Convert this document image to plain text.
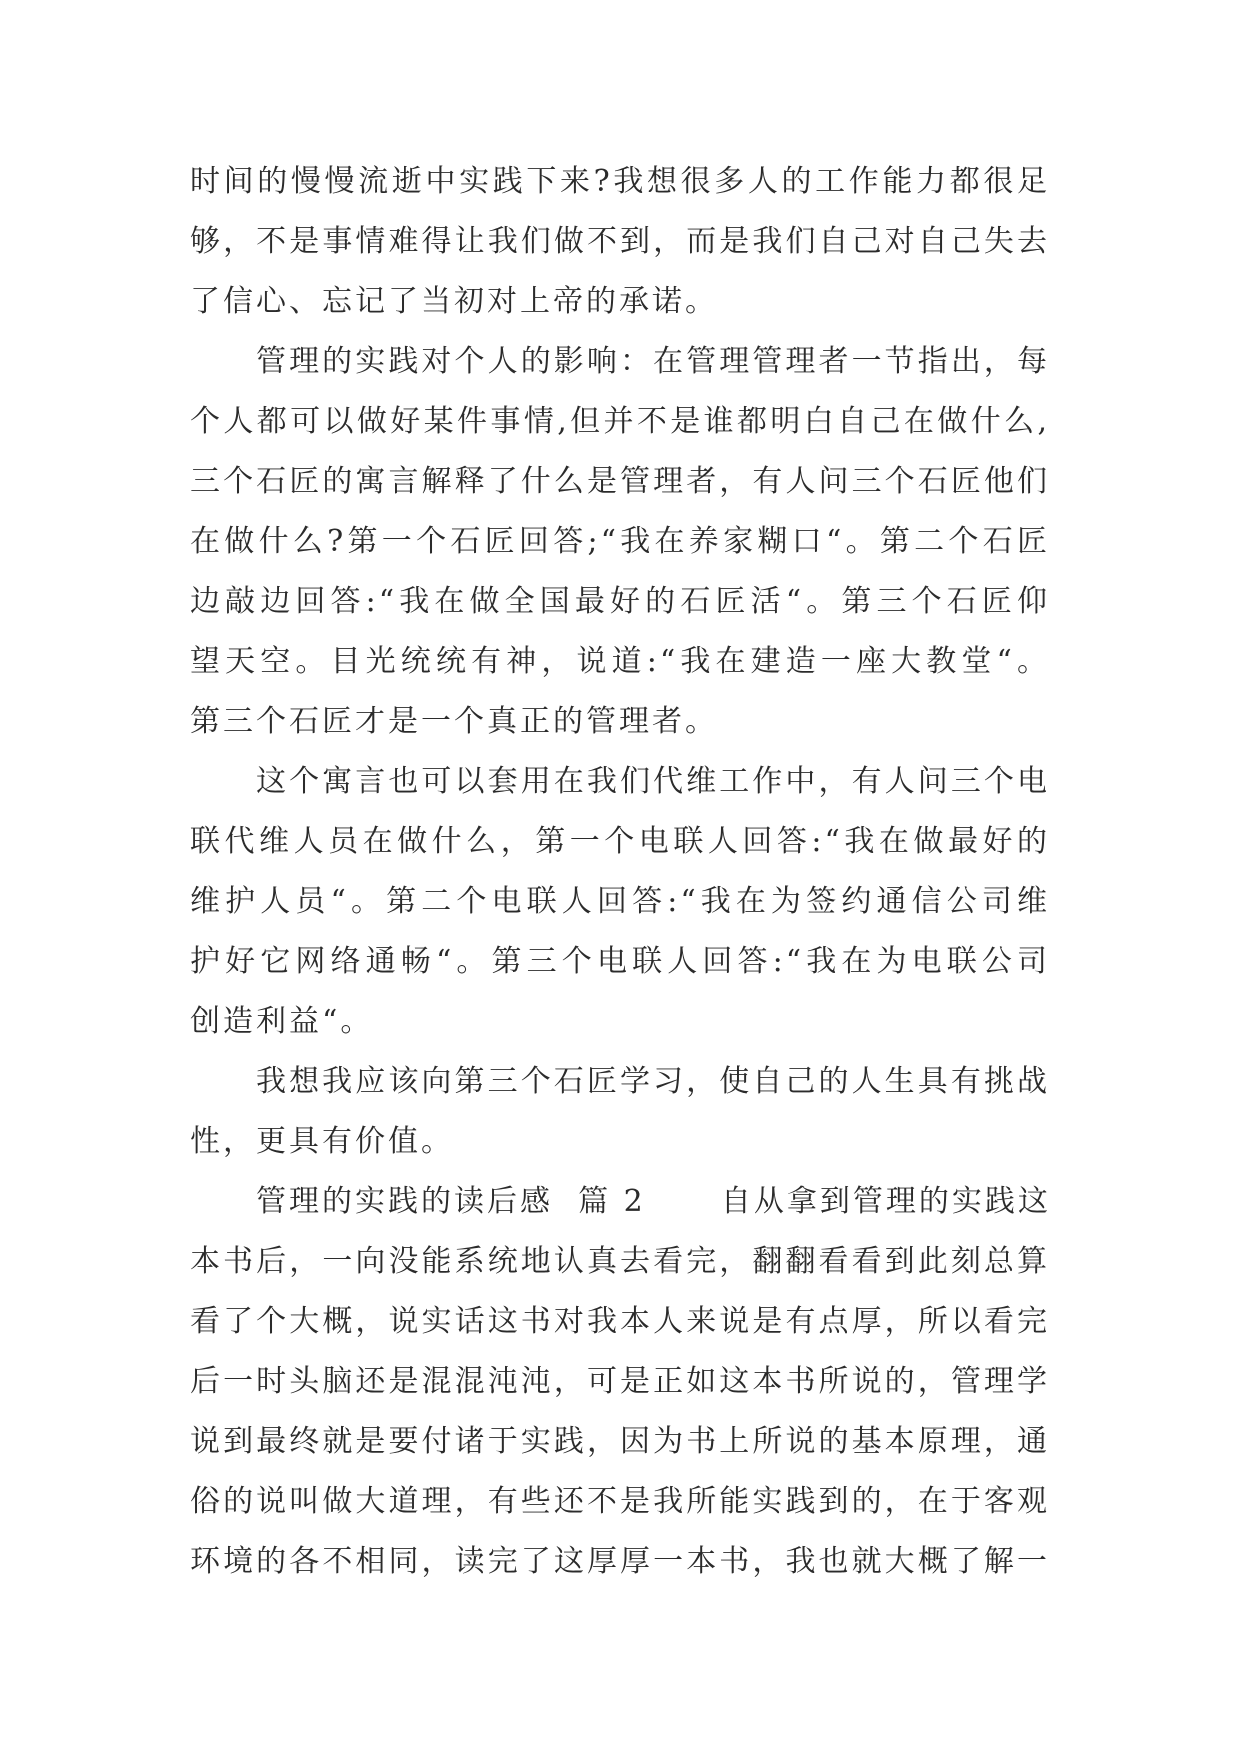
时间的慢慢流逝中实践下来?我想很多人的工作能力都很足
够，不是事情难得让我们做不到，而是我们自己对自己失去
了信心、忘记了当初对上帝的承诺。
管理的实践对个人的影响：在管理管理者一节指出，每
个人都可以做好某件事情,但并不是谁都明白自己在做什么,
三个石匠的寓言解释了什么是管理者，有人问三个石匠他们
在做什么?第一个石匠回答;“我在养家糊口“。第二个石匠
边敲边回答:“我在做全国最好的石匠活“。第三个石匠仰
望天空。目光统统有神，说道:“我在建造一座大教堂“。
第三个石匠才是一个真正的管理者。
这个寓言也可以套用在我们代维工作中，有人问三个电
联代维人员在做什么，第一个电联人回答:“我在做最好的
维护人员“。第二个电联人回答:“我在为签约通信公司维
护好它网络通畅“。第三个电联人回答:“我在为电联公司
创造利益“。
我想我应该向第三个石匠学习，使自己的人生具有挑战
性，更具有价值。
管理的实践的读后感  篇 2      自从拿到管理的实践这
本书后，一向没能系统地认真去看完，翻翻看看到此刻总算
看了个大概，说实话这书对我本人来说是有点厚，所以看完
后一时头脑还是混混沌沌，可是正如这本书所说的，管理学
说到最终就是要付诸于实践，因为书上所说的基本原理，通
俗的说叫做大道理，有些还不是我所能实践到的，在于客观
环境的各不相同，读完了这厚厚一本书，我也就大概了解一
